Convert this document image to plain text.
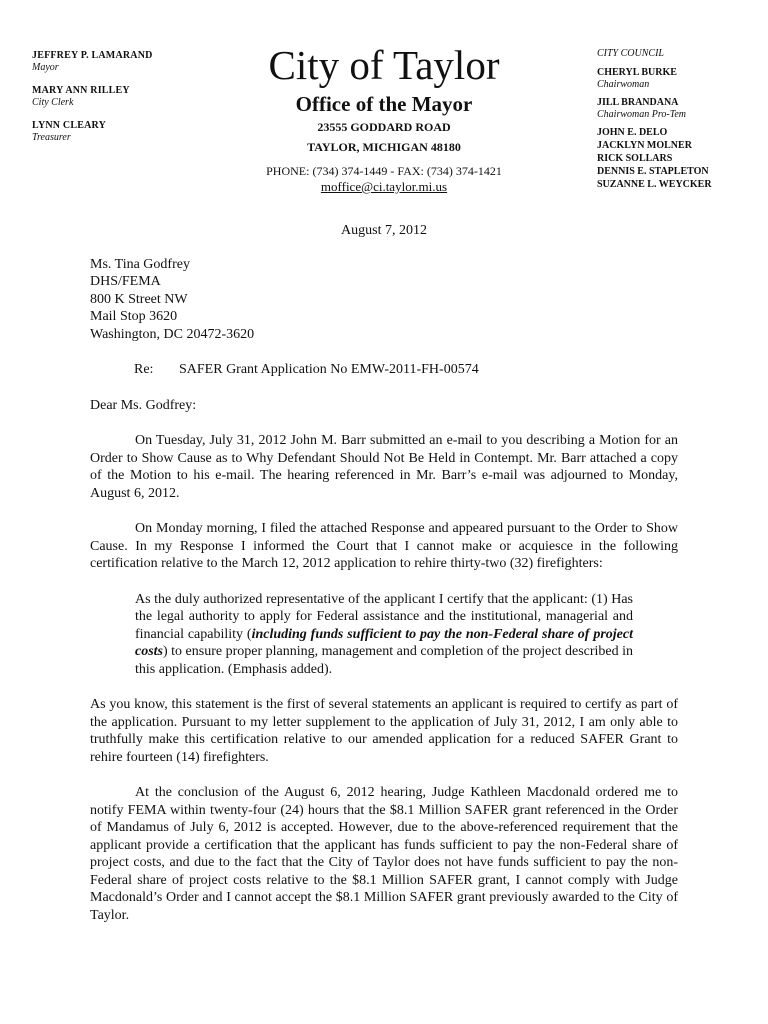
JEFFREY P. LAMARAND
Mayor
MARY ANN RILLEY
City Clerk
LYNN CLEARY
Treasurer
City of Taylor
Office of the Mayor
23555 GODDARD ROAD
TAYLOR, MICHIGAN 48180
PHONE: (734) 374-1449 - FAX: (734) 374-1421
moffice@ci.taylor.mi.us
CITY COUNCIL
CHERYL BURKE
Chairwoman
JILL BRANDANA
Chairwoman Pro-Tem
JOHN E. DELO
JACKLYN MOLNER
RICK SOLLARS
DENNIS E. STAPLETON
SUZANNE L. WEYCKER
August 7, 2012
Ms. Tina Godfrey
DHS/FEMA
800 K Street NW
Mail Stop 3620
Washington, DC 20472-3620
Re:	SAFER Grant Application No EMW-2011-FH-00574
Dear Ms. Godfrey:

On Tuesday, July 31, 2012 John M. Barr submitted an e-mail to you describing a Motion for an Order to Show Cause as to Why Defendant Should Not Be Held in Contempt. Mr. Barr attached a copy of the Motion to his e-mail. The hearing referenced in Mr. Barr’s e-mail was adjourned to Monday, August 6, 2012.

On Monday morning, I filed the attached Response and appeared pursuant to the Order to Show Cause. In my Response I informed the Court that I cannot make or acquiesce in the following certification relative to the March 12, 2012 application to rehire thirty-two (32) firefighters:

As the duly authorized representative of the applicant I certify that the applicant: (1) Has the legal authority to apply for Federal assistance and the institutional, managerial and financial capability (including funds sufficient to pay the non-Federal share of project costs) to ensure proper planning, management and completion of the project described in this application. (Emphasis added).

As you know, this statement is the first of several statements an applicant is required to certify as part of the application. Pursuant to my letter supplement to the application of July 31, 2012, I am only able to truthfully make this certification relative to our amended application for a reduced SAFER Grant to rehire fourteen (14) firefighters.

At the conclusion of the August 6, 2012 hearing, Judge Kathleen Macdonald ordered me to notify FEMA within twenty-four (24) hours that the $8.1 Million SAFER grant referenced in the Order of Mandamus of July 6, 2012 is accepted. However, due to the above-referenced requirement that the applicant provide a certification that the applicant has funds sufficient to pay the non-Federal share of project costs, and due to the fact that the City of Taylor does not have funds sufficient to pay the non-Federal share of project costs relative to the $8.1 Million SAFER grant, I cannot comply with Judge Macdonald’s Order and I cannot accept the $8.1 Million SAFER grant previously awarded to the City of Taylor.
